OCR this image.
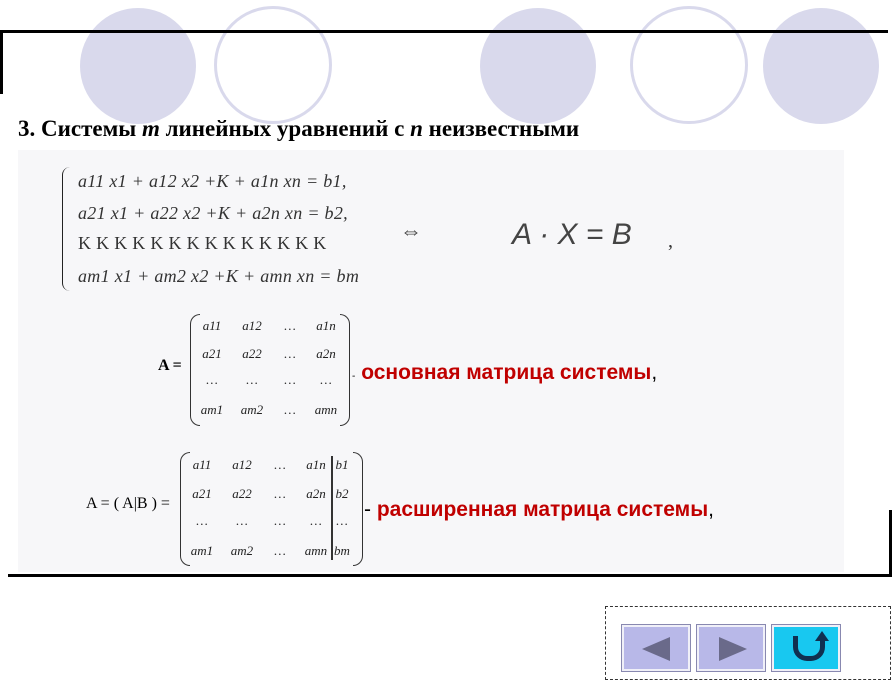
3. Системы m линейных уравнений с n неизвестными
a11 x1 + a12 x2 +K + a1n xn = b1,
a21 x1 + a22 x2 +K + a2n xn = b2,
K K K K K K K K K K K K K K
am1 x1 + am2 x2 +K + amn xn = bm
⇔	A · X = B ,
A =
a11	a12	…	a1n
a21	a22	…	a2n
…	…	…	…
am1	am2	…	amn
- основная матрица системы,
A = ( A|B ) =
a11	a12	…	a1n b1
a21	a22	…	a2n b2
…	…	…	…	…
am1	am2	…	amn bm
- расширенная матрица системы,
